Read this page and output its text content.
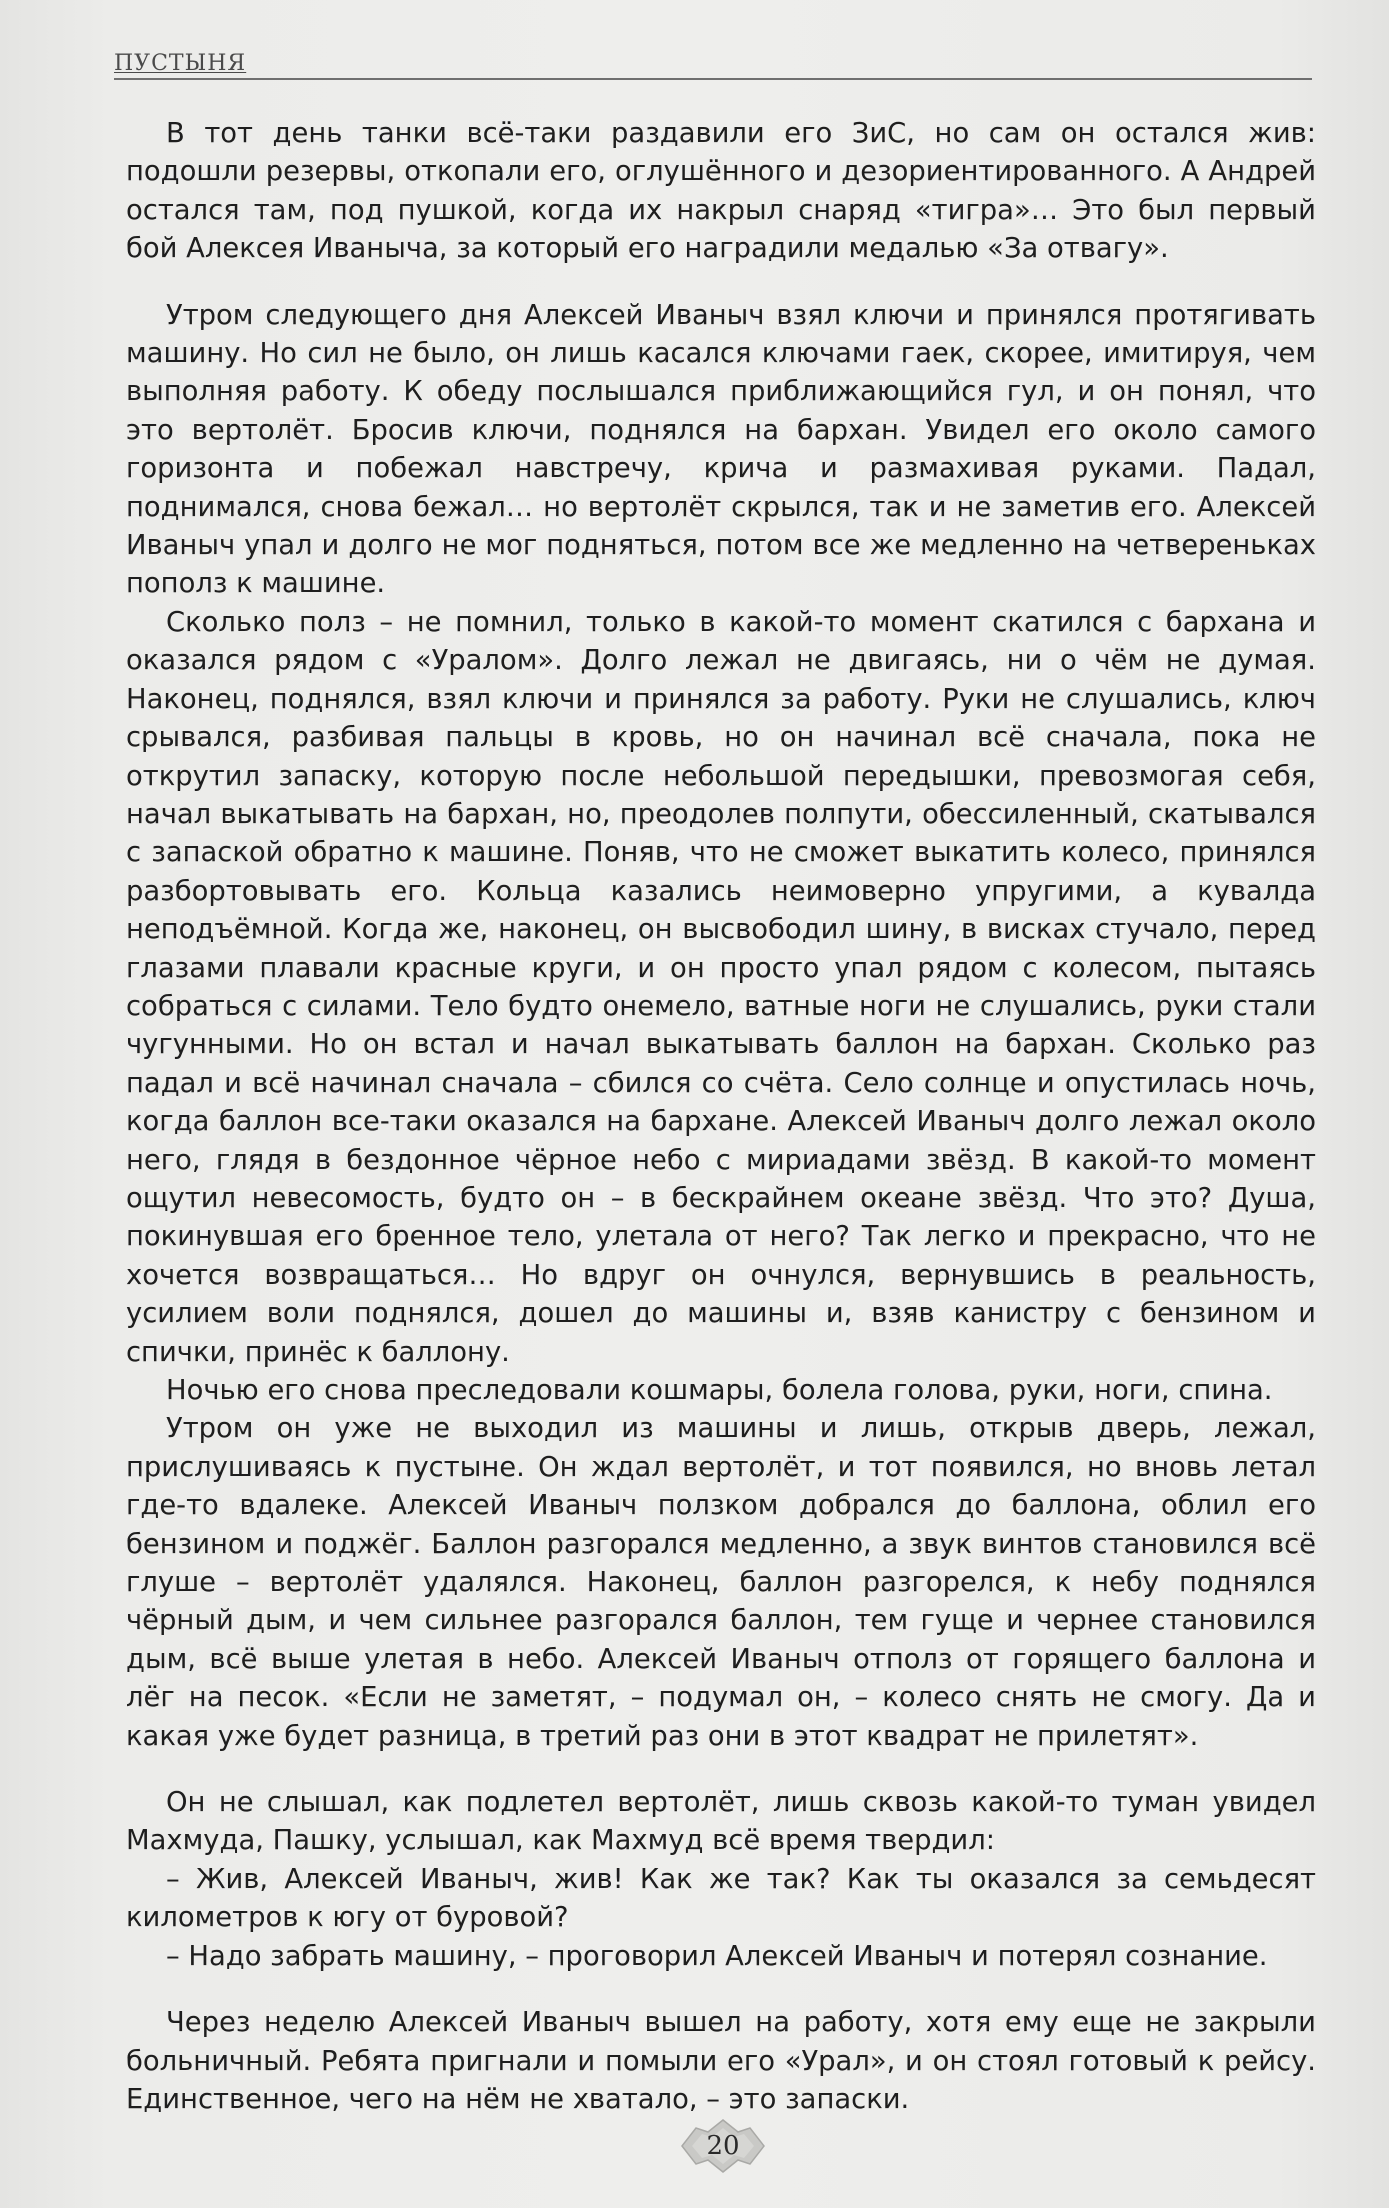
ПУСТЫНЯ

В тот день танки всё-таки раздавили его ЗиС, но сам он остался жив: подошли резервы, откопали его, оглушённого и дезориентированного. А Андрей остался там, под пушкой, когда их накрыл снаряд «тигра»… Это был первый бой Алексея Иваныча, за который его наградили медалью «За отвагу».

Утром следующего дня Алексей Иваныч взял ключи и принялся протягивать машину. Но сил не было, он лишь касался ключами гаек, скорее, имитируя, чем выполняя работу. К обеду послышался приближающийся гул, и он понял, что это вертолёт. Бросив ключи, поднялся на бархан. Увидел его около самого горизонта и побежал навстречу, крича и размахивая руками. Падал, поднимался, снова бежал… но вертолёт скрылся, так и не заметив его. Алексей Иваныч упал и долго не мог подняться, потом все же медленно на четвереньках пополз к машине.

Сколько полз – не помнил, только в какой-то момент скатился с бархана и оказался рядом с «Уралом». Долго лежал не двигаясь, ни о чём не думая. Наконец, поднялся, взял ключи и принялся за работу. Руки не слушались, ключ срывался, разбивая пальцы в кровь, но он начинал всё сначала, пока не открутил запаску, которую после небольшой передышки, превозмогая себя, начал выкатывать на бархан, но, преодолев полпути, обессиленный, скатывался с запаской обратно к машине. Поняв, что не сможет выкатить колесо, принялся разбортовывать его. Кольца казались неимоверно упругими, а кувалда неподъёмной. Когда же, наконец, он высвободил шину, в висках стучало, перед глазами плавали красные круги, и он просто упал рядом с колесом, пытаясь собраться с силами. Тело будто онемело, ватные ноги не слушались, руки стали чугунными. Но он встал и начал выкатывать баллон на бархан. Сколько раз падал и всё начинал сначала – сбился со счёта. Село солнце и опустилась ночь, когда баллон все-таки оказался на бархане. Алексей Иваныч долго лежал около него, глядя в бездонное чёрное небо с мириадами звёзд. В какой-то момент ощутил невесомость, будто он – в бескрайнем океане звёзд. Что это? Душа, покинувшая его бренное тело, улетала от него? Так легко и прекрасно, что не хочется возвращаться… Но вдруг он очнулся, вернувшись в реальность, усилием воли поднялся, дошел до машины и, взяв канистру с бензином и спички, принёс к баллону.

Ночью его снова преследовали кошмары, болела голова, руки, ноги, спина.

Утром он уже не выходил из машины и лишь, открыв дверь, лежал, прислушиваясь к пустыне. Он ждал вертолёт, и тот появился, но вновь летал где-то вдалеке. Алексей Иваныч ползком добрался до баллона, облил его бензином и поджёг. Баллон разгорался медленно, а звук винтов становился всё глуше – вертолёт удалялся. Наконец, баллон разгорелся, к небу поднялся чёрный дым, и чем сильнее разгорался баллон, тем гуще и чернее становился дым, всё выше улетая в небо. Алексей Иваныч отполз от горящего баллона и лёг на песок. «Если не заметят, – подумал он, – колесо снять не смогу. Да и какая уже будет разница, в третий раз они в этот квадрат не прилетят».

Он не слышал, как подлетел вертолёт, лишь сквозь какой-то туман увидел Махмуда, Пашку, услышал, как Махмуд всё время твердил:

– Жив, Алексей Иваныч, жив! Как же так? Как ты оказался за семьдесят километров к югу от буровой?

– Надо забрать машину, – проговорил Алексей Иваныч и потерял сознание.

Через неделю Алексей Иваныч вышел на работу, хотя ему еще не закрыли больничный. Ребята пригнали и помыли его «Урал», и он стоял готовый к рейсу. Единственное, чего на нём не хватало, – это запаски.

20
